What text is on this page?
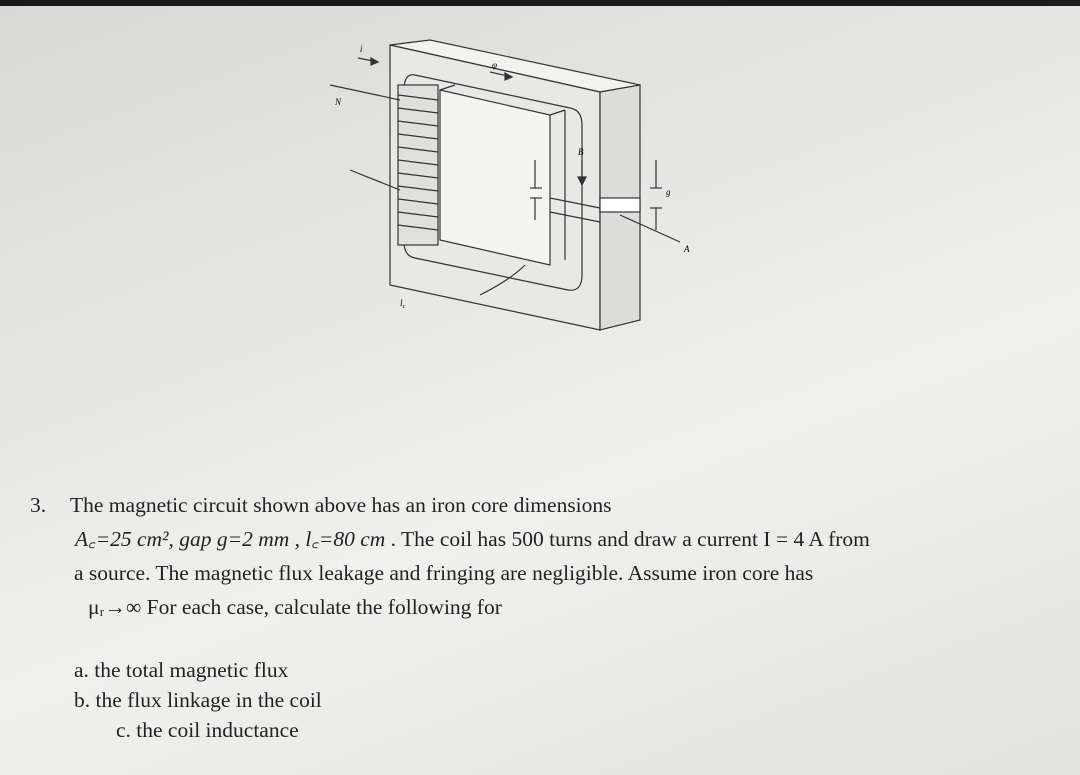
i
N
φ
B
g
A
$l_c$
3. The magnetic circuit shown above has an iron core dimensions
A꜀=25 cm², gap g=2 mm , l꜀=80 cm . The coil has 500 turns and draw a current I = 4 A from
a source. The magnetic flux leakage and fringing are negligible. Assume iron core has
μᵣ→∞ For each case, calculate the following for
a. the total magnetic flux
b. the flux linkage in the coil
c. the coil inductance
